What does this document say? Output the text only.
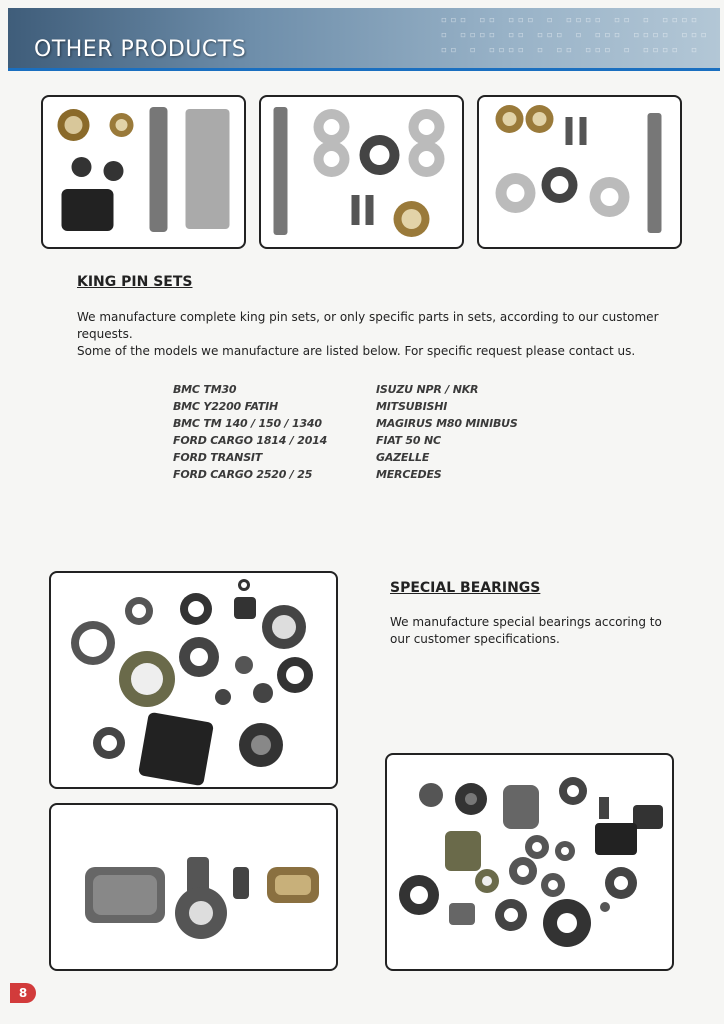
▫▫▫ ▫▫ ▫▫▫ ▫ ▫▫▫▫ ▫▫ ▫ ▫▫▫▫
▫ ▫▫▫▫ ▫▫ ▫▫▫ ▫ ▫▫▫ ▫▫▫▫ ▫▫▫
▫▫ ▫ ▫▫▫▫ ▫ ▫▫ ▫▫▫ ▫ ▫▫▫▫ ▫
OTHER PRODUCTS
KING PIN SETS
We manufacture complete king pin sets, or only specific parts in sets, according to our customer requests.
Some of the models we manufacture are listed below. For specific request please contact us.
BMC TM30
BMC Y2200 FATIH
BMC TM 140 / 150 / 1340
FORD CARGO 1814 / 2014
FORD TRANSIT
FORD CARGO 2520 / 25
ISUZU NPR / NKR
MITSUBISHI
MAGIRUS M80 MINIBUS
FIAT 50 NC
GAZELLE
MERCEDES
SPECIAL BEARINGS
We manufacture special bearings accoring to
our customer specifications.
8
